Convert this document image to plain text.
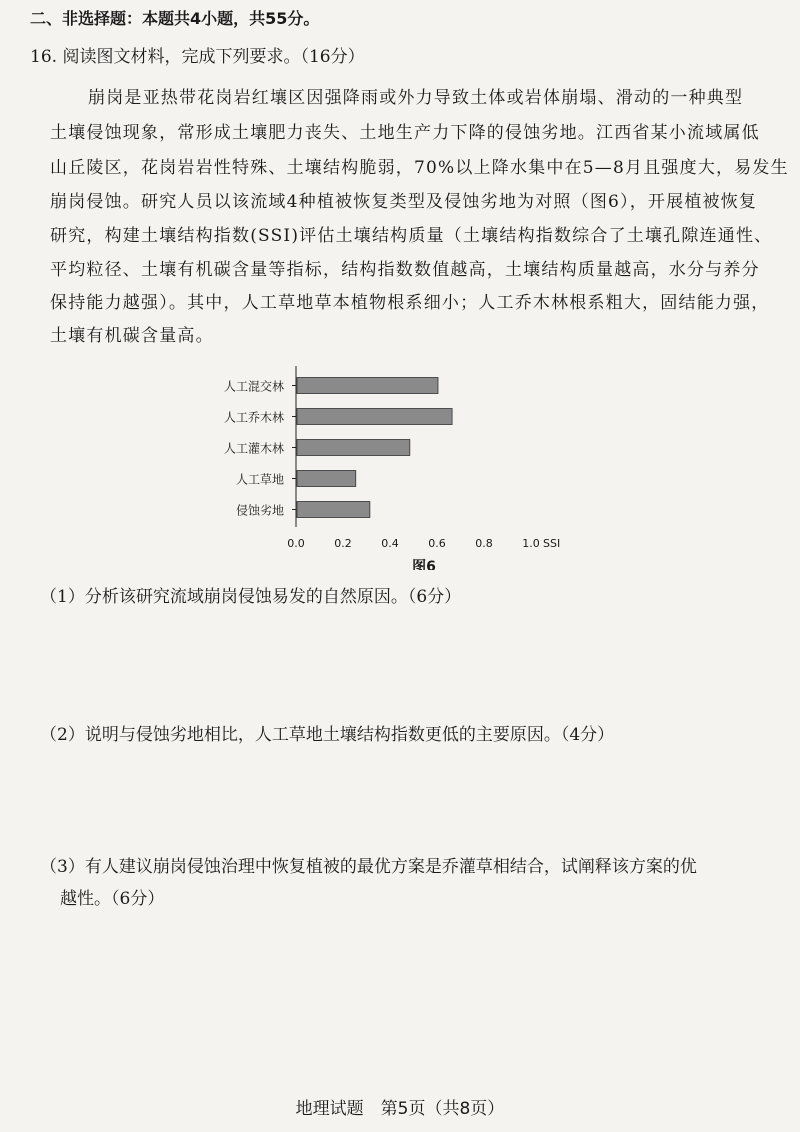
二、非选择题：本题共4小题，共55分。
16. 阅读图文材料，完成下列要求。（16分）
崩岗是亚热带花岗岩红壤区因强降雨或外力导致土体或岩体崩塌、滑动的一种典型
土壤侵蚀现象，常形成土壤肥力丧失、土地生产力下降的侵蚀劣地。江西省某小流域属低
山丘陵区，花岗岩岩性特殊、土壤结构脆弱，70%以上降水集中在5—8月且强度大，易发生
崩岗侵蚀。研究人员以该流域4种植被恢复类型及侵蚀劣地为对照（图6），开展植被恢复
研究，构建土壤结构指数(SSI)评估土壤结构质量（土壤结构指数综合了土壤孔隙连通性、
平均粒径、土壤有机碳含量等指标，结构指数数值越高，土壤结构质量越高，水分与养分
保持能力越强）。其中，人工草地草本植物根系细小；人工乔木林根系粗大，固结能力强，
土壤有机碳含量高。
人工混交林
人工乔木林
人工灌木林
人工草地
侵蚀劣地
0.0	0.2	0.4	0.6	0.8	1.0 SSI
图6
（1）分析该研究流域崩岗侵蚀易发的自然原因。（6分）
（2）说明与侵蚀劣地相比，人工草地土壤结构指数更低的主要原因。（4分）
（3）有人建议崩岗侵蚀治理中恢复植被的最优方案是乔灌草相结合，试阐释该方案的优
越性。（6分）
地理试题　第5页（共8页）
